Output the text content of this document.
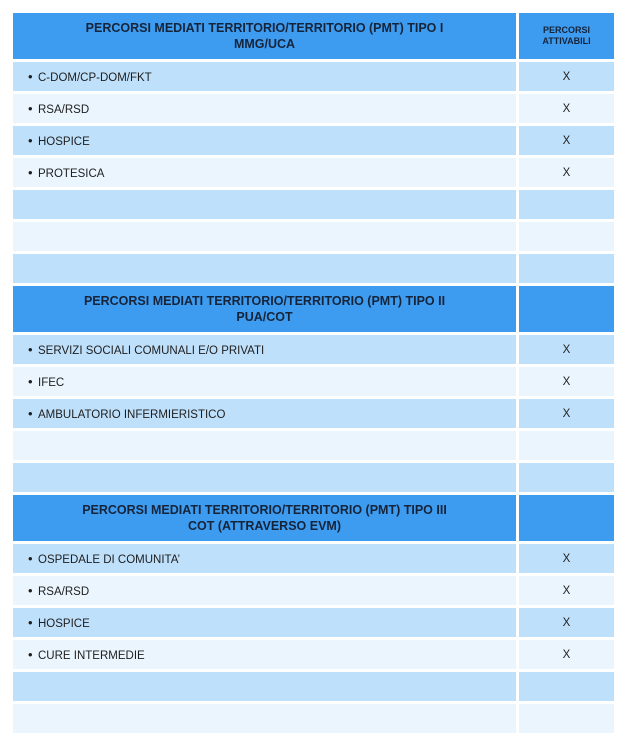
PERCORSI MEDIATI TERRITORIO/TERRITORIO (PMT) TIPO I
MMG/UCA	PERCORSI
ATTIVABILI

• C-DOM/CP-DOM/FKT	X
• RSA/RSD	X
• HOSPICE	X
• PROTESICA	X

PERCORSI MEDIATI TERRITORIO/TERRITORIO (PMT) TIPO II
PUA/COT	

• SERVIZI SOCIALI COMUNALI E/O PRIVATI	X
• IFEC	X
• AMBULATORIO INFERMIERISTICO	X

PERCORSI MEDIATI TERRITORIO/TERRITORIO (PMT) TIPO III
COT (ATTRAVERSO EVM)	

• OSPEDALE DI COMUNITA’	X
• RSA/RSD	X
• HOSPICE	X
• CURE INTERMEDIE	X
